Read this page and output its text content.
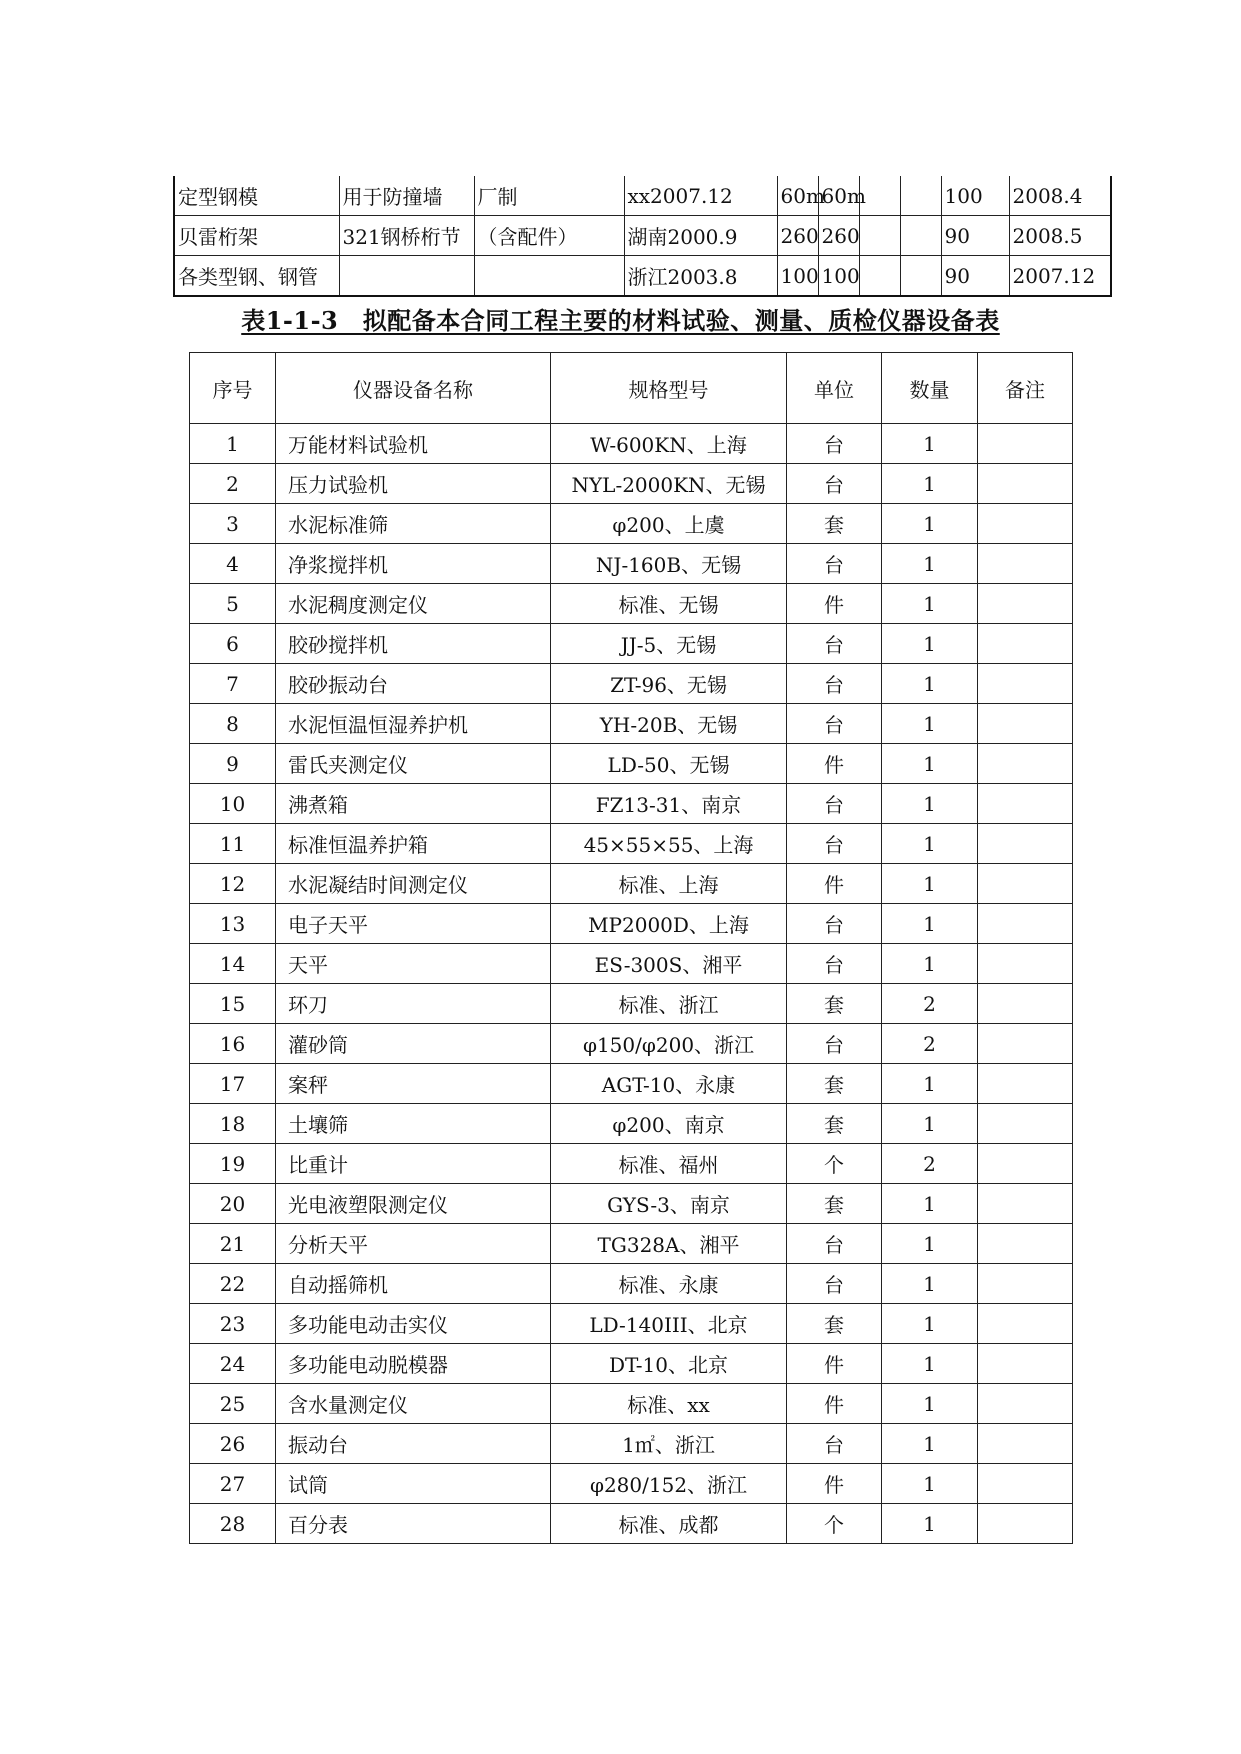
定型钢模	用于防撞墙	厂制	xx2007.12	60m	60m			100	2008.4
贝雷桁架	321钢桥桁节	（含配件）	湖南2000.9	260	260			90	2008.5
各类型钢、钢管			浙江2003.8	100	100			90	2007.12
表1-1-3　拟配备本合同工程主要的材料试验、测量、质检仪器设备表
序号	仪器设备名称	规格型号	单位	数量	备注
1	万能材料试验机	W-600KN、上海	台	1	
2	压力试验机	NYL-2000KN、无锡	台	1	
3	水泥标准筛	φ200、上虞	套	1	
4	净浆搅拌机	NJ-160B、无锡	台	1	
5	水泥稠度测定仪	标准、无锡	件	1	
6	胶砂搅拌机	JJ-5、无锡	台	1	
7	胶砂振动台	ZT-96、无锡	台	1	
8	水泥恒温恒湿养护机	YH-20B、无锡	台	1	
9	雷氏夹测定仪	LD-50、无锡	件	1	
10	沸煮箱	FZ13-31、南京	台	1	
11	标准恒温养护箱	45×55×55、上海	台	1	
12	水泥凝结时间测定仪	标准、上海	件	1	
13	电子天平	MP2000D、上海	台	1	
14	天平	ES-300S、湘平	台	1	
15	环刀	标准、浙江	套	2	
16	灌砂筒	φ150/φ200、浙江	台	2	
17	案秤	AGT-10、永康	套	1	
18	土壤筛	φ200、南京	套	1	
19	比重计	标准、福州	个	2	
20	光电液塑限测定仪	GYS-3、南京	套	1	
21	分析天平	TG328A、湘平	台	1	
22	自动摇筛机	标准、永康	台	1	
23	多功能电动击实仪	LD-140III、北京	套	1	
24	多功能电动脱模器	DT-10、北京	件	1	
25	含水量测定仪	标准、xx	件	1	
26	振动台	1㎡、浙江	台	1	
27	试筒	φ280/152、浙江	件	1	
28	百分表	标准、成都	个	1	
